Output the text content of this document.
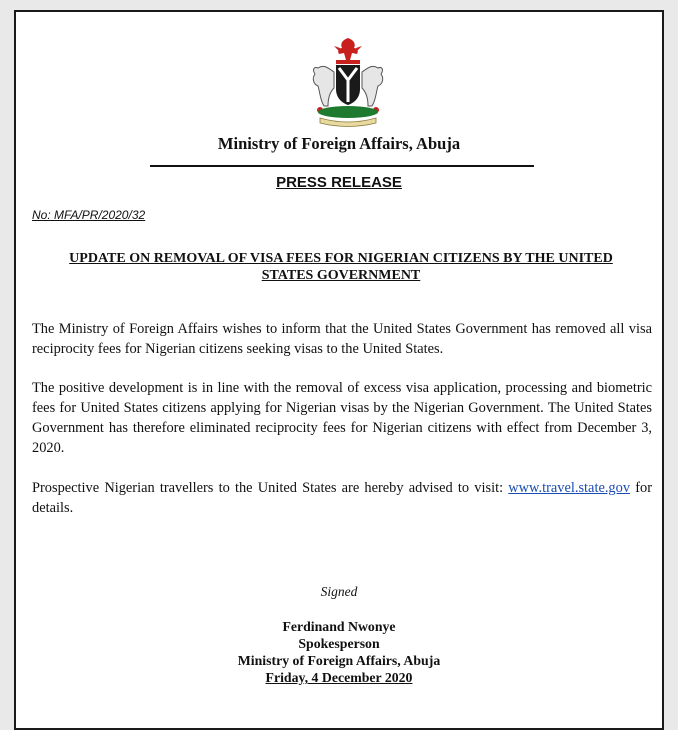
Ministry of Foreign Affairs, Abuja
PRESS RELEASE
No: MFA/PR/2020/32
UPDATE ON REMOVAL OF VISA FEES FOR NIGERIAN CITIZENS BY THE UNITED STATES GOVERNMENT
The Ministry of Foreign Affairs wishes to inform that the United States Government has removed all visa reciprocity fees for Nigerian citizens seeking visas to the United States.
The positive development is in line with the removal of excess visa application, processing and biometric fees for United States citizens applying for Nigerian visas by the Nigerian Government. The United States Government has therefore eliminated reciprocity fees for Nigerian citizens with effect from December 3, 2020.
Prospective Nigerian travellers to the United States are hereby advised to visit: www.travel.state.gov for details.
Signed
Ferdinand Nwonye
Spokesperson
Ministry of Foreign Affairs, Abuja
Friday, 4 December 2020
